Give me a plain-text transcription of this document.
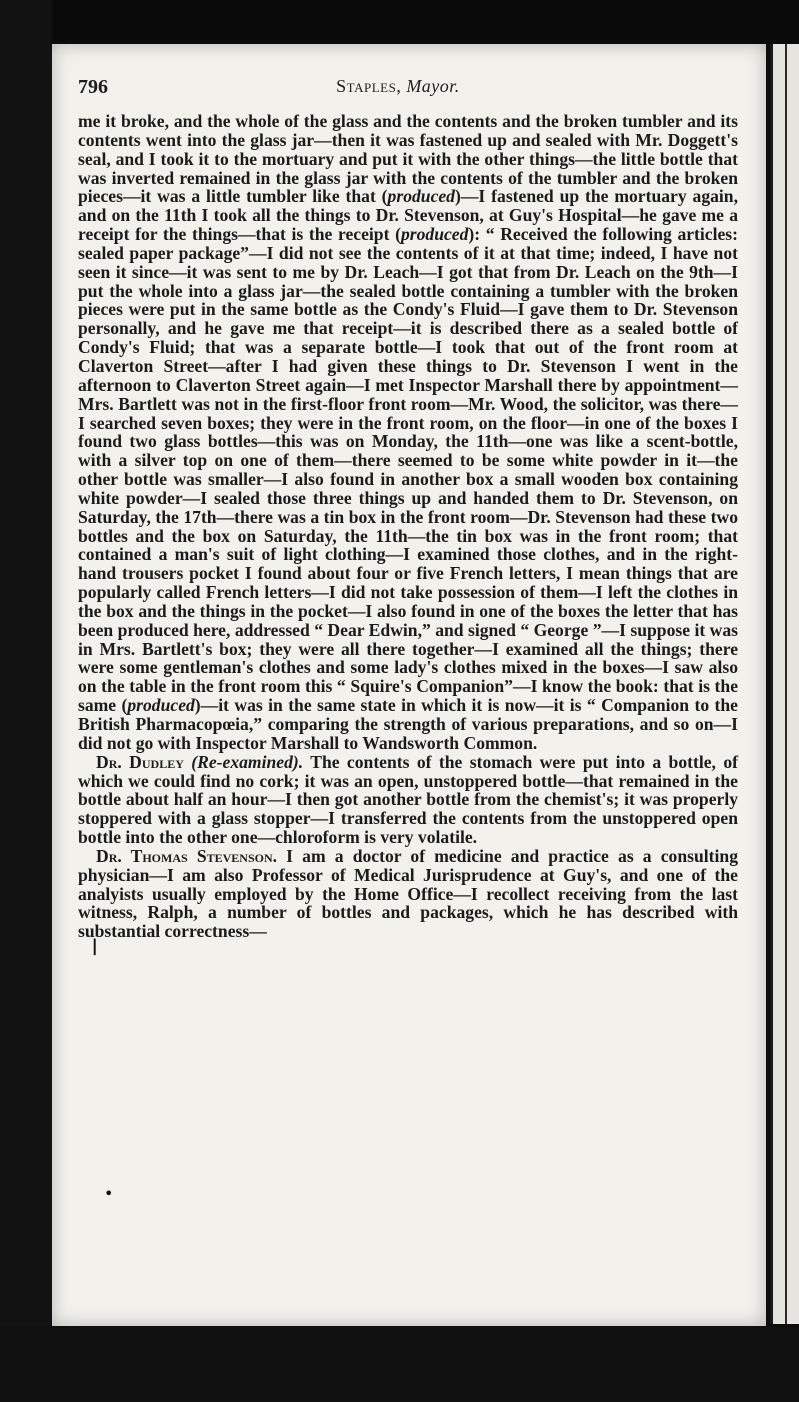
796	Staples, Mayor.

me it broke, and the whole of the glass and the contents and the broken tumbler and its contents went into the glass jar—then it was fastened up and sealed with Mr. Doggett's seal, and I took it to the mortuary and put it with the other things—the little bottle that was inverted remained in the glass jar with the contents of the tumbler and the broken pieces—it was a little tumbler like that (produced)—I fastened up the mortuary again, and on the 11th I took all the things to Dr. Stevenson, at Guy's Hospital—he gave me a receipt for the things—that is the receipt (produced): “ Received the following articles: sealed paper package”—I did not see the contents of it at that time; indeed, I have not seen it since—it was sent to me by Dr. Leach—I got that from Dr. Leach on the 9th—I put the whole into a glass jar—the sealed bottle containing a tumbler with the broken pieces were put in the same bottle as the Condy's Fluid—I gave them to Dr. Stevenson personally, and he gave me that receipt—it is described there as a sealed bottle of Condy's Fluid; that was a separate bottle—I took that out of the front room at Claverton Street—after I had given these things to Dr. Stevenson I went in the afternoon to Claverton Street again—I met Inspector Marshall there by appointment—Mrs. Bartlett was not in the first-floor front room—Mr. Wood, the solicitor, was there—I searched seven boxes; they were in the front room, on the floor—in one of the boxes I found two glass bottles—this was on Monday, the 11th—one was like a scent-bottle, with a silver top on one of them—there seemed to be some white powder in it—the other bottle was smaller—I also found in another box a small wooden box containing white powder—I sealed those three things up and handed them to Dr. Stevenson, on Saturday, the 17th—there was a tin box in the front room—Dr. Stevenson had these two bottles and the box on Saturday, the 11th—the tin box was in the front room; that contained a man's suit of light clothing—I examined those clothes, and in the right-hand trousers pocket I found about four or five French letters, I mean things that are popularly called French letters—I did not take possession of them—I left the clothes in the box and the things in the pocket—I also found in one of the boxes the letter that has been produced here, addressed “ Dear Edwin,” and signed “ George ”—I suppose it was in Mrs. Bartlett's box; they were all there together—I examined all the things; there were some gentleman's clothes and some lady's clothes mixed in the boxes—I saw also on the table in the front room this “ Squire's Companion”—I know the book: that is the same (produced)—it was in the same state in which it is now—it is “ Companion to the British Pharmacopœia,” comparing the strength of various preparations, and so on—I did not go with Inspector Marshall to Wandsworth Common.

Dr. Dudley (Re-examined). The contents of the stomach were put into a bottle, of which we could find no cork; it was an open, unstoppered bottle—that remained in the bottle about half an hour—I then got another bottle from the chemist's; it was properly stoppered with a glass stopper—I transferred the contents from the unstoppered open bottle into the other one—chloroform is very volatile.

Dr. Thomas Stevenson. I am a doctor of medicine and practice as a consulting physician—I am also Professor of Medical Jurisprudence at Guy's, and one of the analyists usually employed by the Home Office—I recollect receiving from the last witness, Ralph, a number of bottles and packages, which he has described with substantial correctness—

❘
•
